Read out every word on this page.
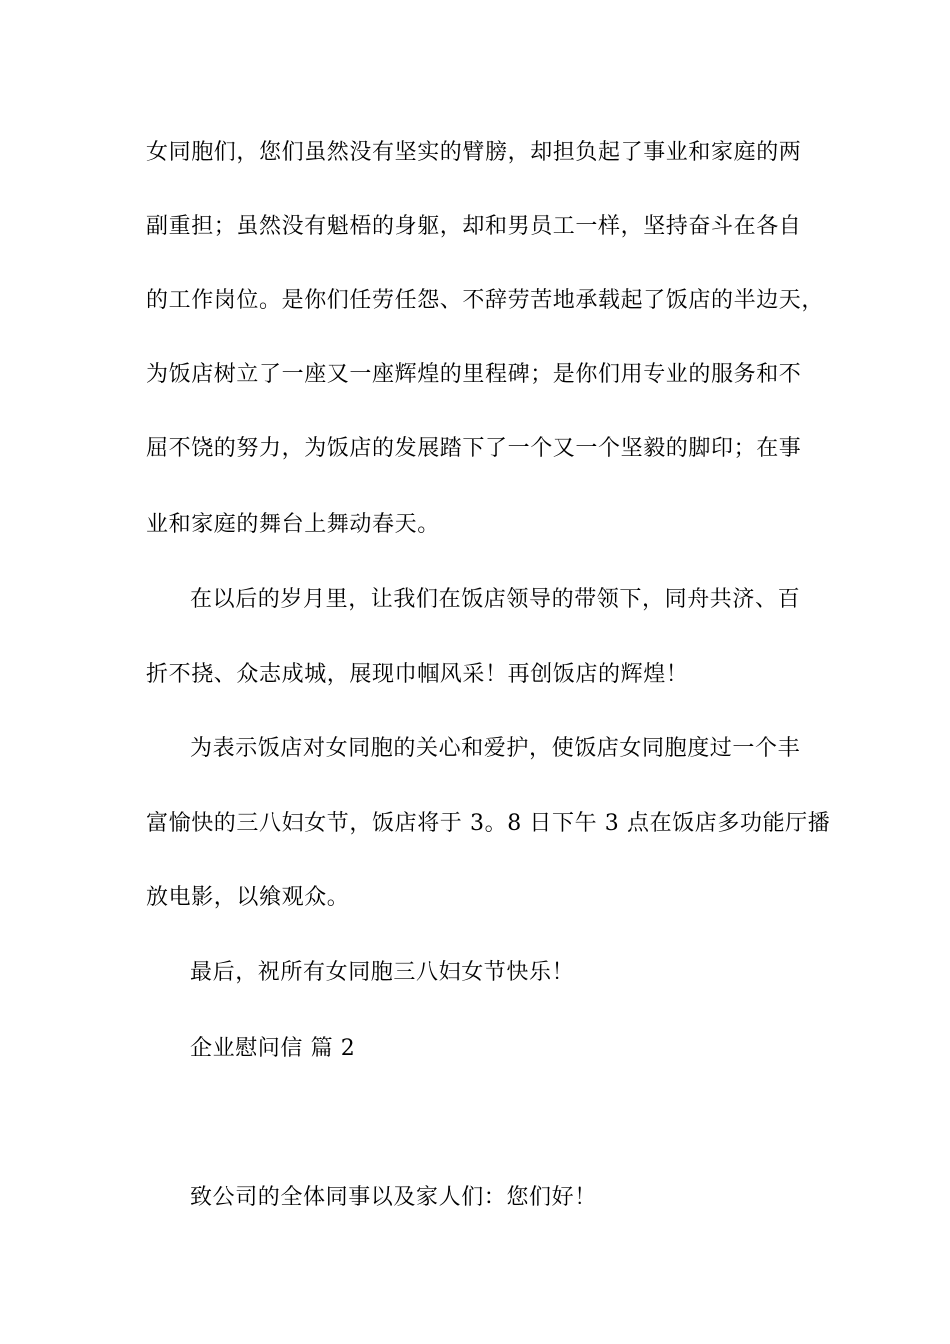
女同胞们，您们虽然没有坚实的臂膀，却担负起了事业和家庭的两
副重担；虽然没有魁梧的身躯，却和男员工一样，坚持奋斗在各自
的工作岗位。是你们任劳任怨、不辞劳苦地承载起了饭店的半边天，
为饭店树立了一座又一座辉煌的里程碑；是你们用专业的服务和不
屈不饶的努力，为饭店的发展踏下了一个又一个坚毅的脚印；在事
业和家庭的舞台上舞动春天。
在以后的岁月里，让我们在饭店领导的带领下，同舟共济、百
折不挠、众志成城，展现巾帼风采！再创饭店的辉煌！
为表示饭店对女同胞的关心和爱护，使饭店女同胞度过一个丰
富愉快的三八妇女节，饭店将于 3。8 日下午 3 点在饭店多功能厅播
放电影，以飨观众。
最后，祝所有女同胞三八妇女节快乐！
企业慰问信 篇 2
致公司的全体同事以及家人们：您们好！
